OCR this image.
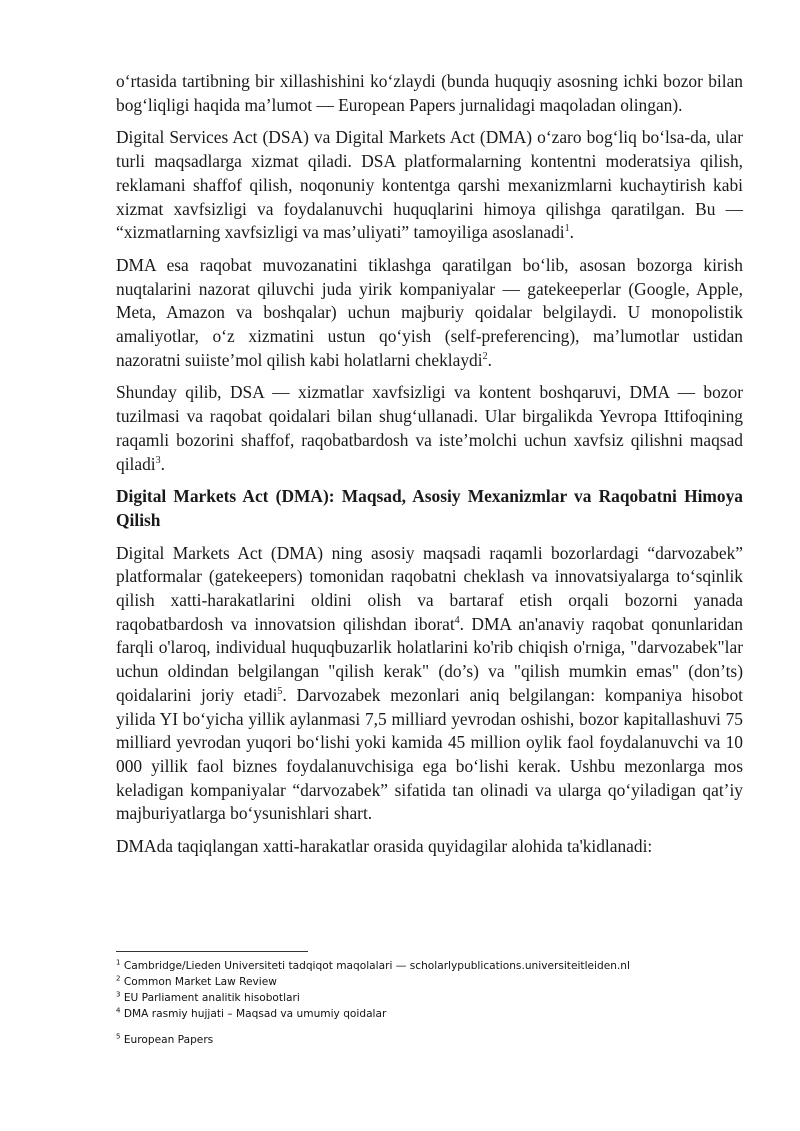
o‘rtasida tartibning bir xillashishini ko‘zlaydi (bunda huquqiy asosning ichki bozor bilan bog‘liqligi haqida ma’lumot — European Papers jurnalidagi maqoladan olingan).

Digital Services Act (DSA) va Digital Markets Act (DMA) o‘zaro bog‘liq bo‘lsa-da, ular turli maqsadlarga xizmat qiladi. DSA platformalarning kontentni moderatsiya qilish, reklamani shaffof qilish, noqonuniy kontentga qarshi mexanizmlarni kuchaytirish kabi xizmat xavfsizligi va foydalanuvchi huquqlarini himoya qilishga qaratilgan. Bu — “xizmatlarning xavfsizligi va mas’uliyati” tamoyiliga asoslanadi$^1$.

DMA esa raqobat muvozanatini tiklashga qaratilgan bo‘lib, asosan bozorga kirish nuqtalarini nazorat qiluvchi juda yirik kompaniyalar — gatekeeperlar (Google, Apple, Meta, Amazon va boshqalar) uchun majburiy qoidalar belgilaydi. U monopolistik amaliyotlar, o‘z xizmatini ustun qo‘yish (self-preferencing), ma’lumotlar ustidan nazoratni suiiste’mol qilish kabi holatlarni cheklaydi$^2$.

Shunday qilib, DSA — xizmatlar xavfsizligi va kontent boshqaruvi, DMA — bozor tuzilmasi va raqobat qoidalari bilan shug‘ullanadi. Ular birgalikda Yevropa Ittifoqining raqamli bozorini shaffof, raqobatbardosh va iste’molchi uchun xavfsiz qilishni maqsad qiladi$^3$.

Digital Markets Act (DMA): Maqsad, Asosiy Mexanizmlar va Raqobatni Himoya Qilish

Digital Markets Act (DMA) ning asosiy maqsadi raqamli bozorlardagi “darvozabek” platformalar (gatekeepers) tomonidan raqobatni cheklash va innovatsiyalarga to‘sqinlik qilish xatti-harakatlarini oldini olish va bartaraf etish orqali bozorni yanada raqobatbardosh va innovatsion qilishdan iborat$^4$. DMA an'anaviy raqobat qonunlaridan farqli o'laroq, individual huquqbuzarlik holatlarini ko'rib chiqish o'rniga, "darvozabek"lar uchun oldindan belgilangan "qilish kerak" (do’s) va "qilish mumkin emas" (don’ts) qoidalarini joriy etadi$^5$. Darvozabek mezonlari aniq belgilangan: kompaniya hisobot yilida YI bo‘yicha yillik aylanmasi 7,5 milliard yevrodan oshishi, bozor kapitallashuvi 75 milliard yevrodan yuqori bo‘lishi yoki kamida 45 million oylik faol foydalanuvchi va 10 000 yillik faol biznes foydalanuvchisiga ega bo‘lishi kerak. Ushbu mezonlarga mos keladigan kompaniyalar “darvozabek” sifatida tan olinadi va ularga qo‘yiladigan qat’iy majburiyatlarga bo‘ysunishlari shart.

DMAda taqiqlangan xatti-harakatlar orasida quyidagilar alohida ta'kidlanadi:

$^1$ Cambridge/Lieden Universiteti tadqiqot maqolalari — scholarlypublications.universiteitleiden.nl
$^2$ Common Market Law Review
$^3$ EU Parliament analitik hisobotlari
$^4$ DMA rasmiy hujjati – Maqsad va umumiy qoidalar
$^5$ European Papers
